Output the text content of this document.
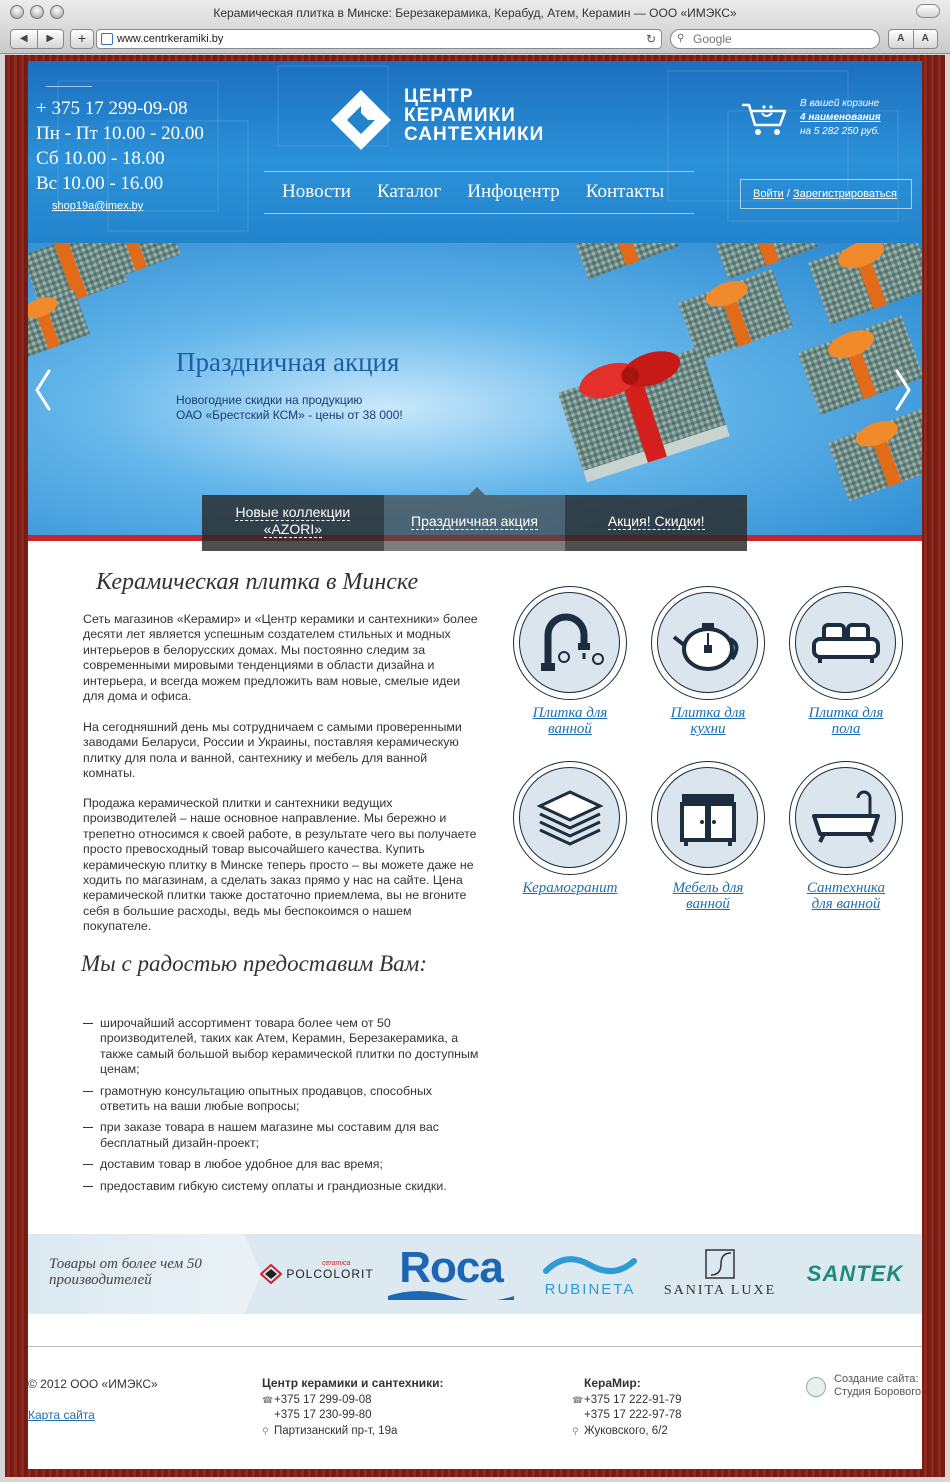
Керамическая плитка в Минске: Березакерамика, Керабуд, Атем, Керамин — ООО «ИМЭКС»
◀	▶	+	www.centrkeramiki.by	↻ ⚲
Google	A	A
+ 375 17 299-09-08
Пн - Пт 10.00 - 20.00
Сб 10.00 - 18.00
Вс 10.00 - 16.00
shop19a@imex.by
ЦЕНТР
КЕРАМИКИ
САНТЕХНИКИ
Новости Каталог Инфоцентр Контакты
В вашей корзине
4 наименования
на 5 282 250 руб.
Войти / Зарегистрироваться
Праздничная акция
Новогодние скидки на продукцию
ОАО «Брестский КСМ» - цены от 38 000!
Новые коллекции
«AZORI»	Праздничная акция	Акция! Скидки!
Керамическая плитка в Минске

Сеть магазинов «Керамир» и «Центр керамики и сантехники» более десяти лет является успешным создателем стильных и модных интерьеров в белорусских домах. Мы постоянно следим за современными мировыми тенденциями в области дизайна и интерьера, и всегда можем предложить вам новые, смелые идеи для дома и офиса.

На сегодняшний день мы сотрудничаем с самыми проверенными заводами Беларуси, России и Украины, поставляя керамическую плитку для пола и ванной, сантехнику и мебель для ванной комнаты.

Продажа керамической плитки и сантехники ведущих производителей – наше основное направление. Мы бережно и трепетно относимся к своей работе, в результате чего вы получаете просто превосходный товар высочайшего качества. Купить керамическую плитку в Минске теперь просто – вы можете даже не ходить по магазинам, а сделать заказ прямо у нас на сайте. Цена керамической плитки также достаточно приемлема, вы не вгоните себя в большие расходы, ведь мы беспокоимся о нашем покупателе.

Мы с радостью предоставим Вам:
широчайший ассортимент товара более чем от 50 производителей, таких как Атем, Керамин, Березакерамика, а также самый большой выбор керамической плитки по доступным ценам;
грамотную консультацию опытных продавцов, способных ответить на ваши любые вопросы;
при заказе товара в нашем магазине мы составим для вас бесплатный дизайн-проект;
доставим товар в любое удобное для вас время;
предоставим гибкую систему оплаты и грандиозные скидки.
Плитка для
ванной
Плитка для
кухни
Плитка для
пола
Керамогранит	Мебель для
ванной
Сантехника
для ванной
Товары от более чем 50
производителей
ceramica
POLCOLORIT Roca	RUBINETA SANITA LUXE
SANTEK
© 2012 ООО «ИМЭКС»
Карта сайта
Центр керамики и сантехники:
☎+375 17 299-09-08
+375 17 230-99-80
⚲ Партизанский пр-т, 19а
КераМир:
☎+375 17 222-91-79
+375 17 222-97-78
⚲ Жуковского, 6/2
Создание сайта:
Студия Борового
